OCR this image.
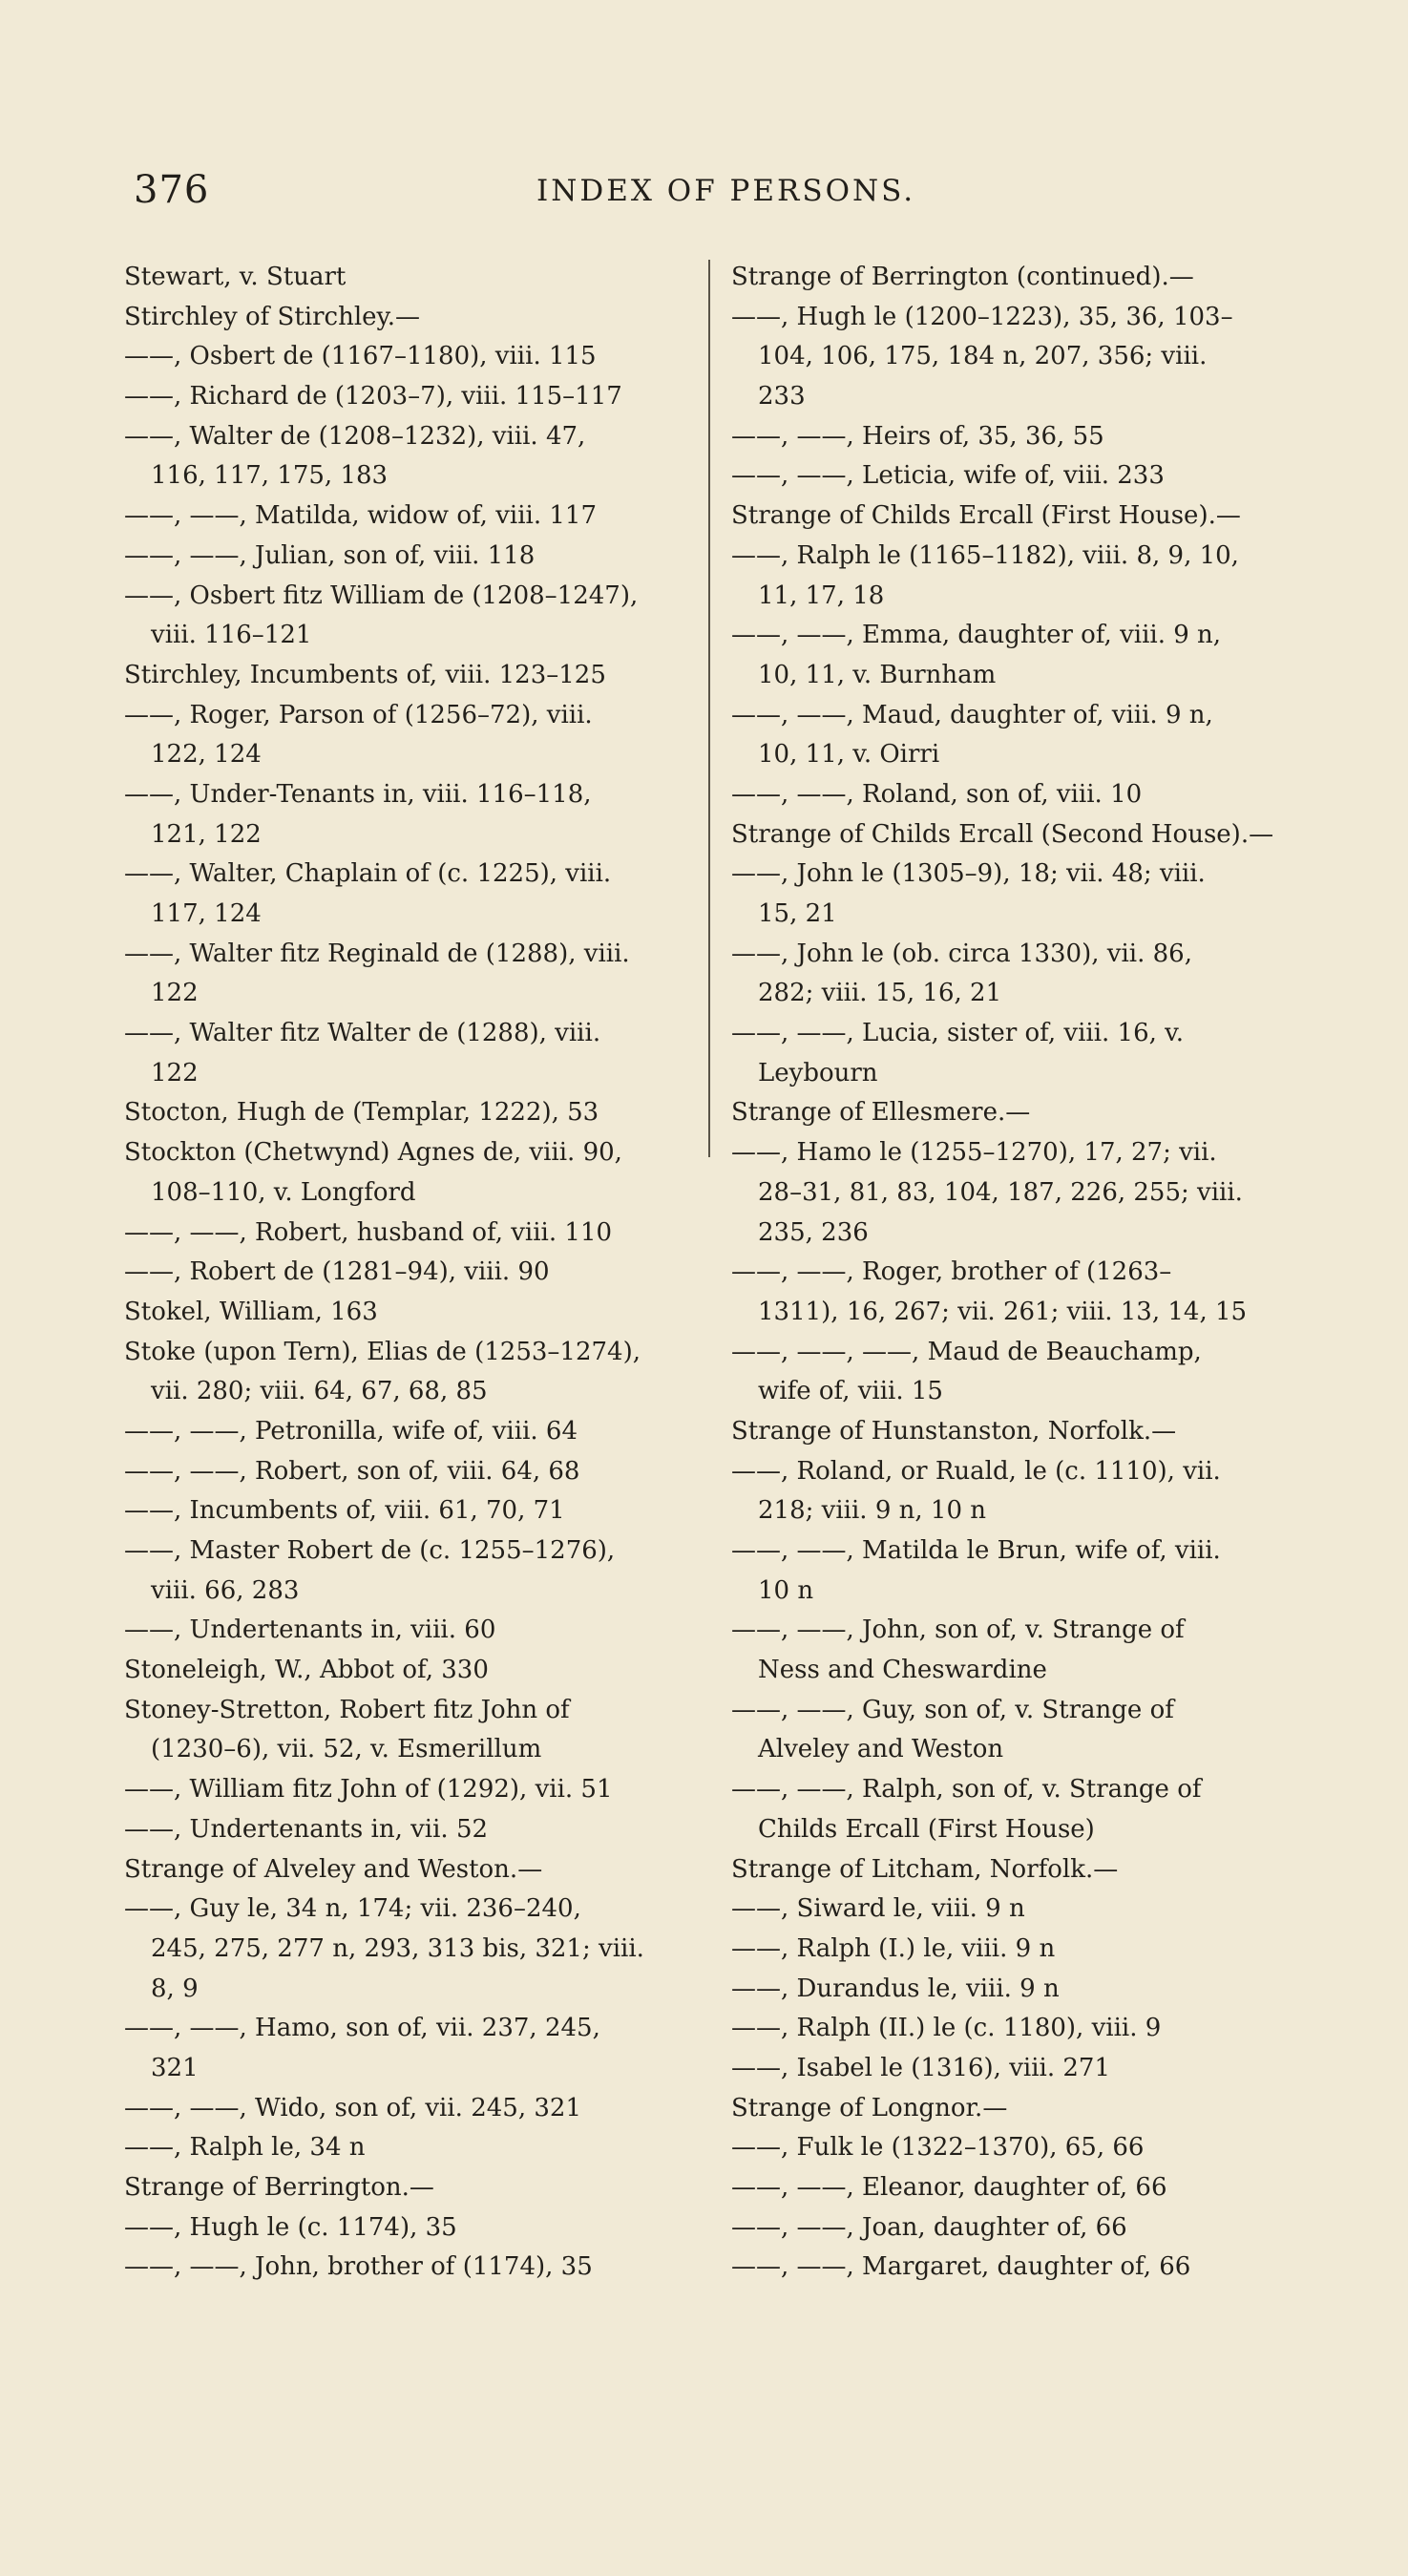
376	INDEX OF PERSONS.
Stewart, v. Stuart
Stirchley of Stirchley.—
——, Osbert de (1167–1180), viii. 115
——, Richard de (1203–7), viii. 115–117
——, Walter de (1208–1232), viii. 47,
116, 117, 175, 183
——, ——, Matilda, widow of, viii. 117
——, ——, Julian, son of, viii. 118
——, Osbert fitz William de (1208–1247),
viii. 116–121
Stirchley, Incumbents of, viii. 123–125
——, Roger, Parson of (1256–72), viii.
122, 124
——, Under-Tenants in, viii. 116–118,
121, 122
——, Walter, Chaplain of (c. 1225), viii.
117, 124
——, Walter fitz Reginald de (1288), viii.
122
——, Walter fitz Walter de (1288), viii.
122
Stocton, Hugh de (Templar, 1222), 53
Stockton (Chetwynd) Agnes de, viii. 90,
108–110, v. Longford
——, ——, Robert, husband of, viii. 110
——, Robert de (1281–94), viii. 90
Stokel, William, 163
Stoke (upon Tern), Elias de (1253–1274),
vii. 280; viii. 64, 67, 68, 85
——, ——, Petronilla, wife of, viii. 64
——, ——, Robert, son of, viii. 64, 68
——, Incumbents of, viii. 61, 70, 71
——, Master Robert de (c. 1255–1276),
viii. 66, 283
——, Undertenants in, viii. 60
Stoneleigh, W., Abbot of, 330
Stoney-Stretton, Robert fitz John of
(1230–6), vii. 52, v. Esmerillum
——, William fitz John of (1292), vii. 51
——, Undertenants in, vii. 52
Strange of Alveley and Weston.—
——, Guy le, 34 n, 174; vii. 236–240,
245, 275, 277 n, 293, 313 bis, 321; viii.
8, 9
——, ——, Hamo, son of, vii. 237, 245,
321
——, ——, Wido, son of, vii. 245, 321
——, Ralph le, 34 n
Strange of Berrington.—
——, Hugh le (c. 1174), 35
——, ——, John, brother of (1174), 35
Strange of Berrington (continued).—
——, Hugh le (1200–1223), 35, 36, 103–
104, 106, 175, 184 n, 207, 356; viii.
233
——, ——, Heirs of, 35, 36, 55
——, ——, Leticia, wife of, viii. 233
Strange of Childs Ercall (First House).—
——, Ralph le (1165–1182), viii. 8, 9, 10,
11, 17, 18
——, ——, Emma, daughter of, viii. 9 n,
10, 11, v. Burnham
——, ——, Maud, daughter of, viii. 9 n,
10, 11, v. Oirri
——, ——, Roland, son of, viii. 10
Strange of Childs Ercall (Second House).—
——, John le (1305–9), 18; vii. 48; viii.
15, 21
——, John le (ob. circa 1330), vii. 86,
282; viii. 15, 16, 21
——, ——, Lucia, sister of, viii. 16, v.
Leybourn
Strange of Ellesmere.—
——, Hamo le (1255–1270), 17, 27; vii.
28–31, 81, 83, 104, 187, 226, 255; viii.
235, 236
——, ——, Roger, brother of (1263–
1311), 16, 267; vii. 261; viii. 13, 14, 15
——, ——, ——, Maud de Beauchamp,
wife of, viii. 15
Strange of Hunstanston, Norfolk.—
——, Roland, or Ruald, le (c. 1110), vii.
218; viii. 9 n, 10 n
——, ——, Matilda le Brun, wife of, viii.
10 n
——, ——, John, son of, v. Strange of
Ness and Cheswardine
——, ——, Guy, son of, v. Strange of
Alveley and Weston
——, ——, Ralph, son of, v. Strange of
Childs Ercall (First House)
Strange of Litcham, Norfolk.—
——, Siward le, viii. 9 n
——, Ralph (I.) le, viii. 9 n
——, Durandus le, viii. 9 n
——, Ralph (II.) le (c. 1180), viii. 9
——, Isabel le (1316), viii. 271
Strange of Longnor.—
——, Fulk le (1322–1370), 65, 66
——, ——, Eleanor, daughter of, 66
——, ——, Joan, daughter of, 66
——, ——, Margaret, daughter of, 66
